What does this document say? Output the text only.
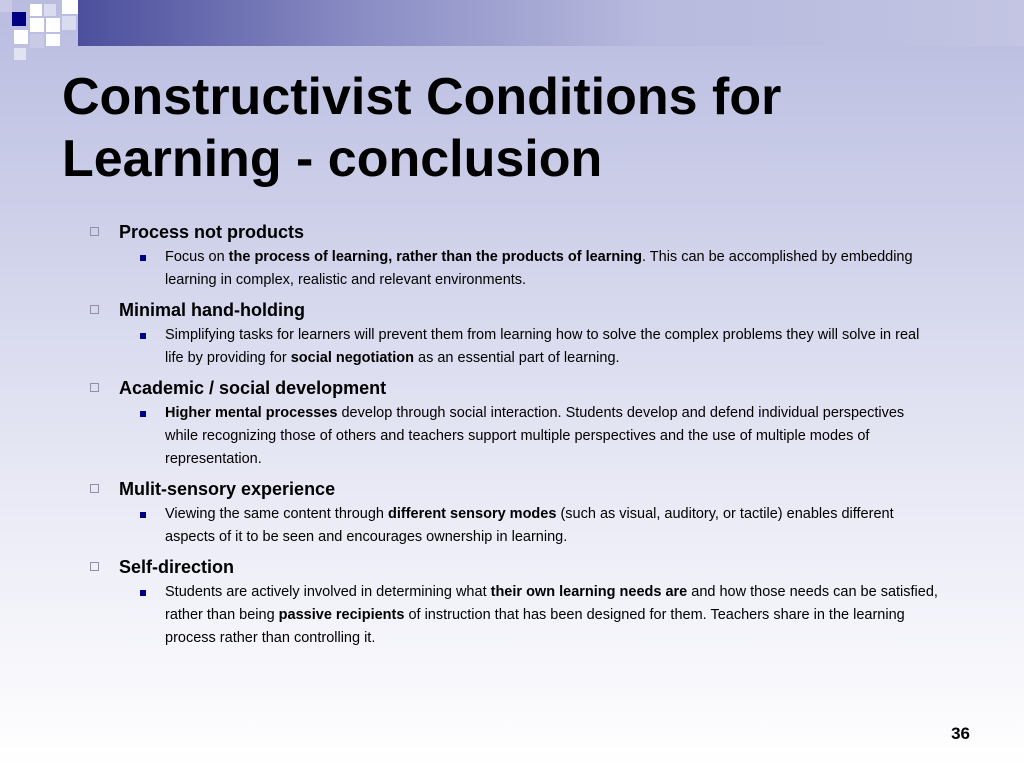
Constructivist Conditions for
Learning - conclusion
Process not products
Focus on the process of learning, rather than the products of learning. This can be accomplished by embedding learning in complex, realistic and relevant environments.
Minimal hand-holding
Simplifying tasks for learners will prevent them from learning how to solve the complex problems they will solve in real life by providing for social negotiation as an essential part of learning.
Academic / social development
Higher mental processes develop through social interaction. Students develop and defend individual perspectives while recognizing those of others and teachers support multiple perspectives and the use of multiple modes of representation.
Mulit-sensory experience
Viewing the same content through different sensory modes (such as visual, auditory, or tactile) enables different aspects of it to be seen and encourages ownership in learning.
Self-direction
Students are actively involved in determining what their own learning needs are and how those needs can be satisfied, rather than being passive recipients of instruction that has been designed for them. Teachers share in the learning process rather than controlling it.
36
